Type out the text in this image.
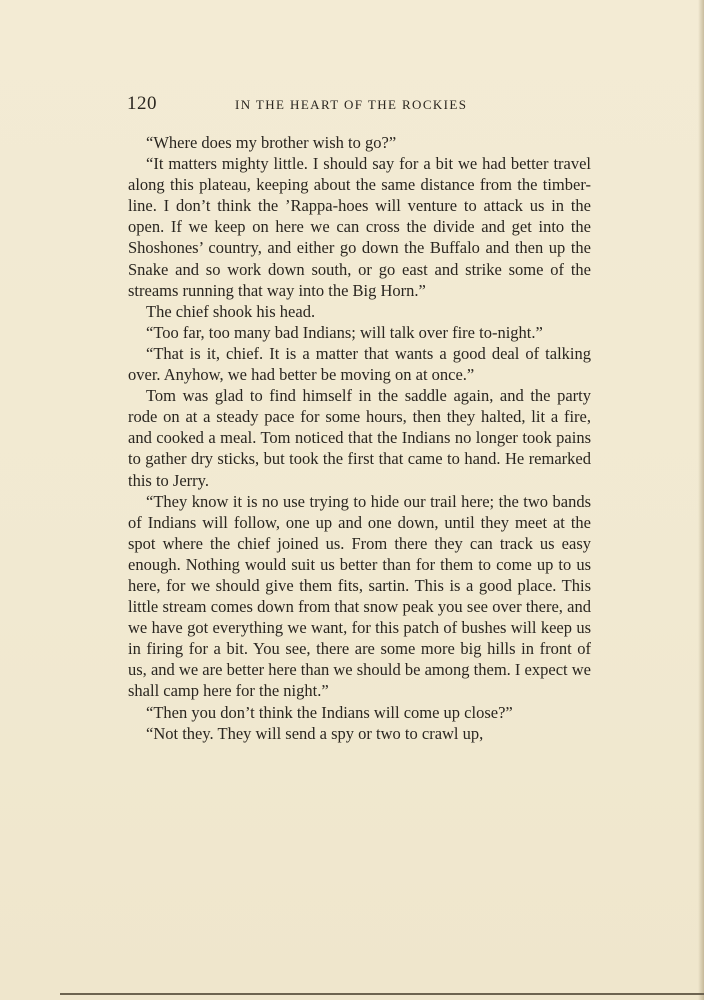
120	IN THE HEART OF THE ROCKIES

“Where does my brother wish to go?”

“It matters mighty little. I should say for a bit we had better travel along this plateau, keeping about the same distance from the timber-line. I don’t think the ’Rappa-hoes will venture to attack us in the open. If we keep on here we can cross the divide and get into the Shoshones’ country, and either go down the Buffalo and then up the Snake and so work down south, or go east and strike some of the streams running that way into the Big Horn.”

The chief shook his head.

“Too far, too many bad Indians; will talk over fire to-night.”

“That is it, chief. It is a matter that wants a good deal of talking over. Anyhow, we had better be moving on at once.”

Tom was glad to find himself in the saddle again, and the party rode on at a steady pace for some hours, then they halted, lit a fire, and cooked a meal. Tom noticed that the Indians no longer took pains to gather dry sticks, but took the first that came to hand. He remarked this to Jerry.

“They know it is no use trying to hide our trail here; the two bands of Indians will follow, one up and one down, until they meet at the spot where the chief joined us. From there they can track us easy enough. Nothing would suit us better than for them to come up to us here, for we should give them fits, sartin. This is a good place. This little stream comes down from that snow peak you see over there, and we have got everything we want, for this patch of bushes will keep us in firing for a bit. You see, there are some more big hills in front of us, and we are better here than we should be among them. I expect we shall camp here for the night.”

“Then you don’t think the Indians will come up close?”

“Not they. They will send a spy or two to crawl up,
